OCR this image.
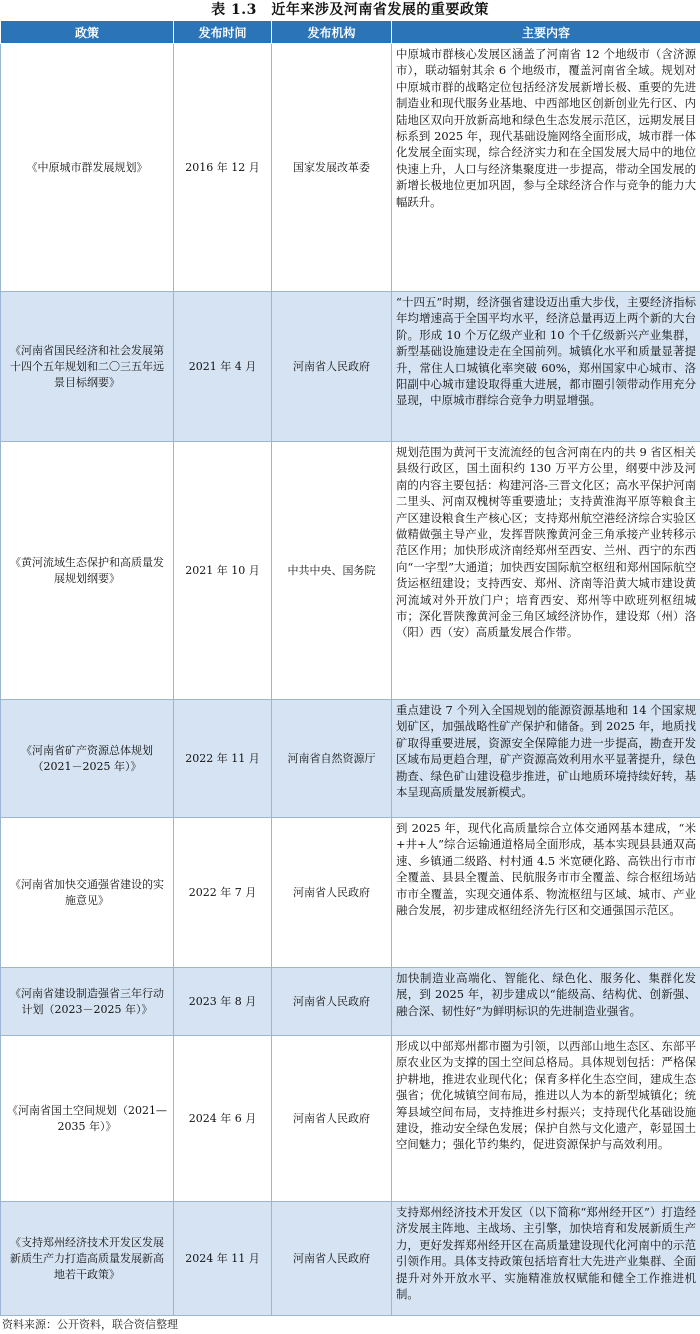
表 1.3　近年来涉及河南省发展的重要政策
政策	发布时间	发布机构	主要内容
《中原城市群发展规划》	2016 年 12 月	国家发展改革委	中原城市群核心发展区涵盖了河南省 12 个地级市（含济源市），联动辐射其余 6 个地级市，覆盖河南省全域。规划对中原城市群的战略定位包括经济发展新增长极、重要的先进制造业和现代服务业基地、中西部地区创新创业先行区、内陆地区双向开放新高地和绿色生态发展示范区，远期发展目标系到 2025 年，现代基础设施网络全面形成，城市群一体化发展全面实现，综合经济实力和在全国发展大局中的地位快速上升，人口与经济集聚度进一步提高，带动全国发展的新增长极地位更加巩固，参与全球经济合作与竞争的能力大幅跃升。
《河南省国民经济和社会发展第十四个五年规划和二〇三五年远景目标纲要》	2021 年 4 月	河南省人民政府	“十四五”时期，经济强省建设迈出重大步伐，主要经济指标年均增速高于全国平均水平，经济总量再迈上两个新的大台阶。形成 10 个万亿级产业和 10 个千亿级新兴产业集群，新型基础设施建设走在全国前列。城镇化水平和质量显著提升，常住人口城镇化率突破 60%，郑州国家中心城市、洛阳副中心城市建设取得重大进展，都市圈引领带动作用充分显现，中原城市群综合竞争力明显增强。
《黄河流域生态保护和高质量发展规划纲要》	2021 年 10 月	中共中央、国务院	规划范围为黄河干支流流经的包含河南在内的共 9 省区相关县级行政区，国土面积约 130 万平方公里，纲要中涉及河南的内容主要包括：构建河洛-三晋文化区；高水平保护河南二里头、河南双槐树等重要遗址；支持黄淮海平原等粮食主产区建设粮食生产核心区；支持郑州航空港经济综合实验区做精做强主导产业，发挥晋陕豫黄河金三角承接产业转移示范区作用；加快形成济南经郑州至西安、兰州、西宁的东西向“一字型”大通道；加快西安国际航空枢纽和郑州国际航空货运枢纽建设；支持西安、郑州、济南等沿黄大城市建设黄河流域对外开放门户；培育西安、郑州等中欧班列枢纽城市；深化晋陕豫黄河金三角区域经济协作，建设郑（州）洛（阳）西（安）高质量发展合作带。
《河南省矿产资源总体规划（2021－2025 年）》	2022 年 11 月	河南省自然资源厅	重点建设 7 个列入全国规划的能源资源基地和 14 个国家规划矿区，加强战略性矿产保护和储备。到 2025 年，地质找矿取得重要进展，资源安全保障能力进一步提高，勘查开发区域布局更趋合理，矿产资源高效利用水平显著提升，绿色勘查、绿色矿山建设稳步推进，矿山地质环境持续好转，基本呈现高质量发展新模式。
《河南省加快交通强省建设的实施意见》	2022 年 7 月	河南省人民政府	到 2025 年，现代化高质量综合立体交通网基本建成，“米+井+人”综合运输通道格局全面形成，基本实现县县通双高速、乡镇通二级路、村村通 4.5 米宽硬化路、高铁出行市市全覆盖、县县全覆盖、民航服务市市全覆盖、综合枢纽场站市市全覆盖，实现交通体系、物流枢纽与区域、城市、产业融合发展，初步建成枢纽经济先行区和交通强国示范区。
《河南省建设制造强省三年行动计划（2023－2025 年）》	2023 年 8 月	河南省人民政府	加快制造业高端化、智能化、绿色化、服务化、集群化发展，到 2025 年，初步建成以“能级高、结构优、创新强、融合深、韧性好”为鲜明标识的先进制造业强省。
《河南省国土空间规划（2021—2035 年）》	2024 年 6 月	河南省人民政府	形成以中部郑州都市圈为引领，以西部山地生态区、东部平原农业区为支撑的国土空间总格局。具体规划包括：严格保护耕地，推进农业现代化；保育多样化生态空间，建成生态强省；优化城镇空间布局，推进以人为本的新型城镇化；统筹县域空间布局，支持推进乡村振兴；支持现代化基础设施建设，推动安全绿色发展；保护自然与文化遗产，彰显国土空间魅力；强化节约集约，促进资源保护与高效利用。
《支持郑州经济技术开发区发展新质生产力打造高质量发展新高地若干政策》	2024 年 11 月	河南省人民政府	支持郑州经济技术开发区（以下简称“郑州经开区”）打造经济发展主阵地、主战场、主引擎，加快培育和发展新质生产力，更好发挥郑州经开区在高质量建设现代化河南中的示范引领作用。具体支持政策包括培育壮大先进产业集群、全面提升对外开放水平、实施精准放权赋能和健全工作推进机制。
资料来源：公开资料，联合资信整理
